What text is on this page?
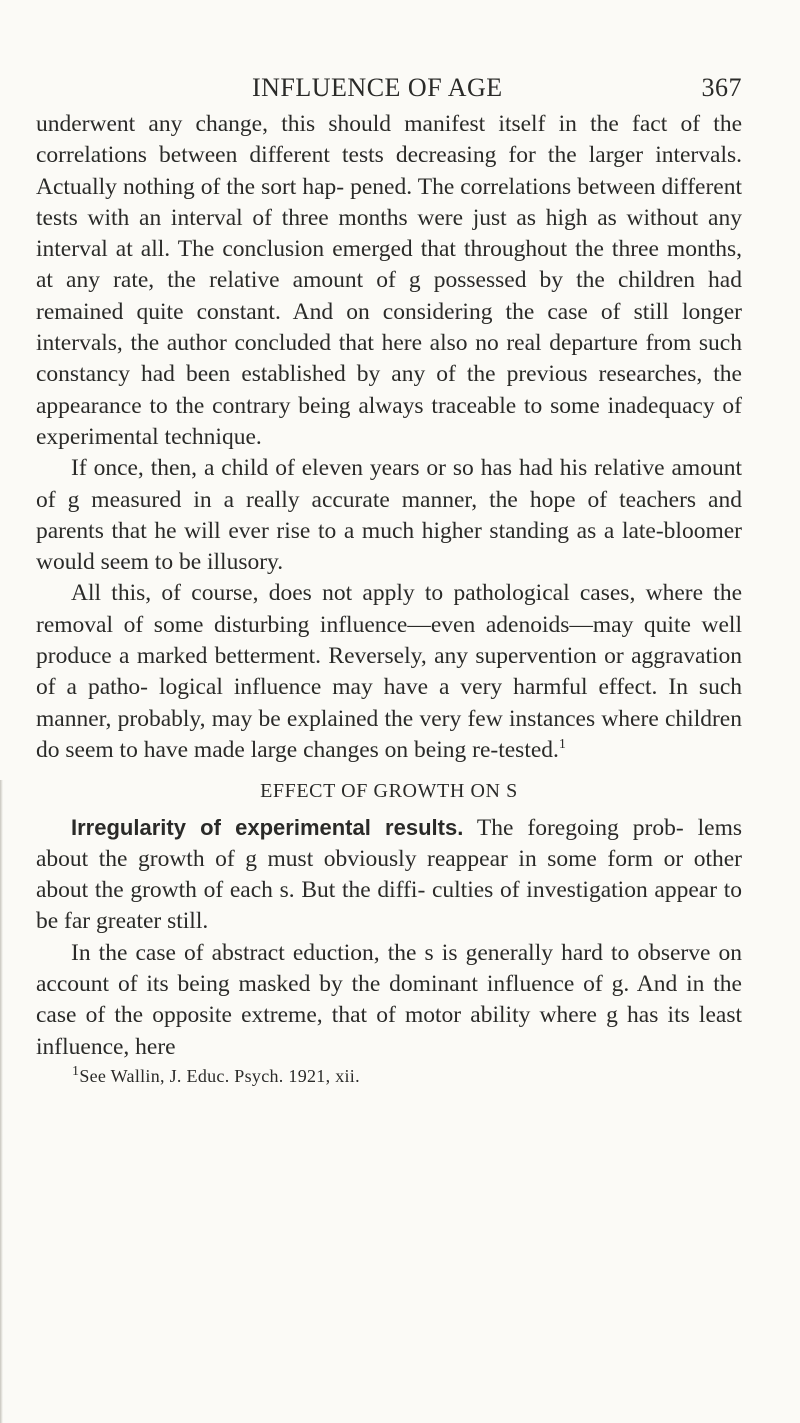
INFLUENCE OF AGE	367

underwent any change, this should manifest itself in the fact of the correlations between different tests decreasing for the larger intervals. Actually nothing of the sort hap- pened. The correlations between different tests with an interval of three months were just as high as without any interval at all. The conclusion emerged that throughout the three months, at any rate, the relative amount of g possessed by the children had remained quite constant. And on considering the case of still longer intervals, the author concluded that here also no real departure from such constancy had been established by any of the previous researches, the appearance to the contrary being always traceable to some inadequacy of experimental technique.

If once, then, a child of eleven years or so has had his relative amount of g measured in a really accurate manner, the hope of teachers and parents that he will ever rise to a much higher standing as a late-bloomer would seem to be illusory.

All this, of course, does not apply to pathological cases, where the removal of some disturbing influence—even adenoids—may quite well produce a marked betterment. Reversely, any supervention or aggravation of a patho- logical influence may have a very harmful effect. In such manner, probably, may be explained the very few instances where children do seem to have made large changes on being re-tested.$^1$

EFFECT OF GROWTH ON S

Irregularity of experimental results. The foregoing prob- lems about the growth of g must obviously reappear in some form or other about the growth of each s. But the diffi- culties of investigation appear to be far greater still.

In the case of abstract eduction, the s is generally hard to observe on account of its being masked by the dominant influence of g. And in the case of the opposite extreme, that of motor ability where g has its least influence, here

$^1$See Wallin, J. Educ. Psych. 1921, xii.
